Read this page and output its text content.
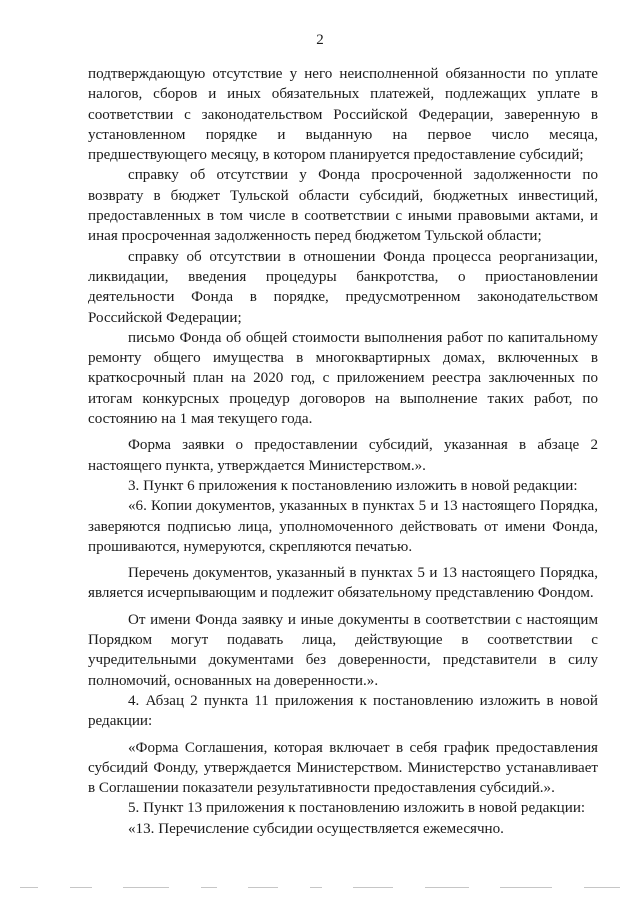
2

подтверждающую отсутствие у него неисполненной обязанности по уплате налогов, сборов и иных обязательных платежей, подлежащих уплате в соответствии с законодательством Российской Федерации, заверенную в установленном порядке и выданную на первое число месяца, предшествующего месяцу, в котором планируется предоставление субсидий;

справку об отсутствии у Фонда просроченной задолженности по возврату в бюджет Тульской области субсидий, бюджетных инвестиций, предоставленных в том числе в соответствии с иными правовыми актами, и иная просроченная задолженность перед бюджетом Тульской области;

справку об отсутствии в отношении Фонда процесса реорганизации, ликвидации, введения процедуры банкротства, о приостановлении деятельности Фонда в порядке, предусмотренном законодательством Российской Федерации;

письмо Фонда об общей стоимости выполнения работ по капитальному ремонту общего имущества в многоквартирных домах, включенных в краткосрочный план на 2020 год, с приложением реестра заключенных по итогам конкурсных процедур договоров на выполнение таких работ, по состоянию на 1 мая текущего года.

Форма заявки о предоставлении субсидий, указанная в абзаце 2 настоящего пункта, утверждается Министерством.».

3. Пункт 6 приложения к постановлению изложить в новой редакции:

«6. Копии документов, указанных в пунктах 5 и 13 настоящего Порядка, заверяются подписью лица, уполномоченного действовать от имени Фонда, прошиваются, нумеруются, скрепляются печатью.

Перечень документов, указанный в пунктах 5 и 13 настоящего Порядка, является исчерпывающим и подлежит обязательному представлению Фондом.

От имени Фонда заявку и иные документы в соответствии с настоящим Порядком могут подавать лица, действующие в соответствии с учредительными документами без доверенности, представители в силу полномочий, основанных на доверенности.».

4. Абзац 2 пункта 11 приложения к постановлению изложить в новой редакции:

«Форма Соглашения, которая включает в себя график предоставления субсидий Фонду, утверждается Министерством. Министерство устанавливает в Соглашении показатели результативности предоставления субсидий.».

5. Пункт 13 приложения к постановлению изложить в новой редакции:

«13. Перечисление субсидии осуществляется ежемесячно.
